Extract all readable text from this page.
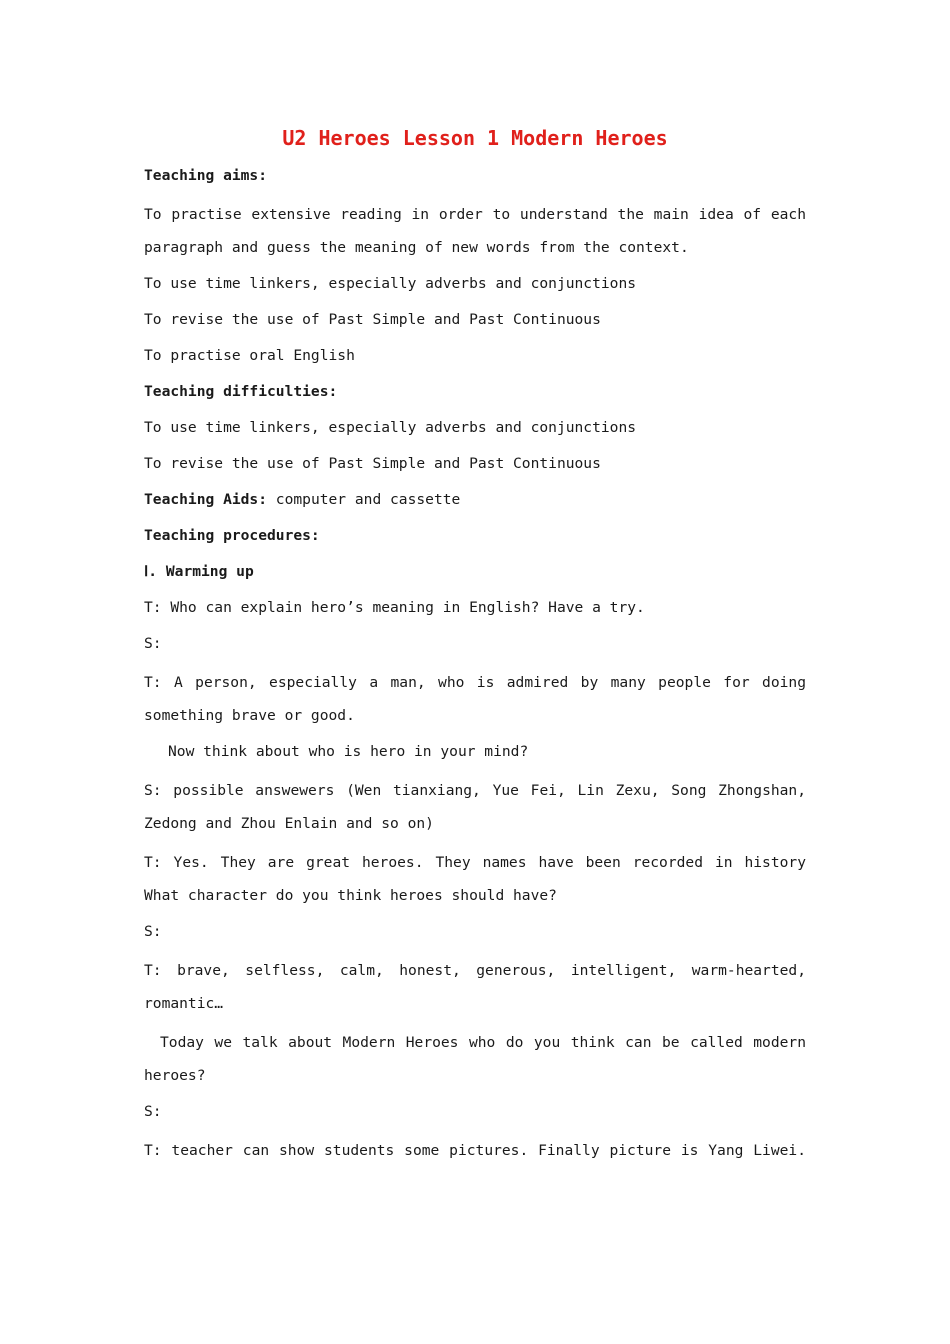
U2 Heroes Lesson 1 Modern Heroes
Teaching aims:
To practise extensive reading in order to understand the main idea of each
paragraph and guess the meaning of new words from the context.
To use time linkers, especially adverbs and conjunctions
To revise the use of Past Simple and Past Continuous
To practise oral English
Teaching difficulties:
To use time linkers, especially adverbs and conjunctions
To revise the use of Past Simple and Past Continuous
Teaching Aids: computer and cassette
Teaching procedures:
Ⅰ. Warming up
T: Who can explain hero’s meaning in English? Have a try.
S:
T: A person, especially a man, who is admired by many people for doing
something brave or good.
Now think about who is hero in your mind?
S: possible answewers (Wen tianxiang, Yue Fei, Lin Zexu, Song Zhongshan,
Zedong and Zhou Enlain and so on)
T: Yes. They are great heroes. They names have been recorded in history
What character do you think heroes should have?
S:
T: brave, selfless, calm, honest, generous, intelligent, warm-hearted,
romantic…
Today we talk about Modern Heroes who do you think can be called modern
heroes?
S:
T: teacher can show students some pictures. Finally picture is Yang Liwei.
